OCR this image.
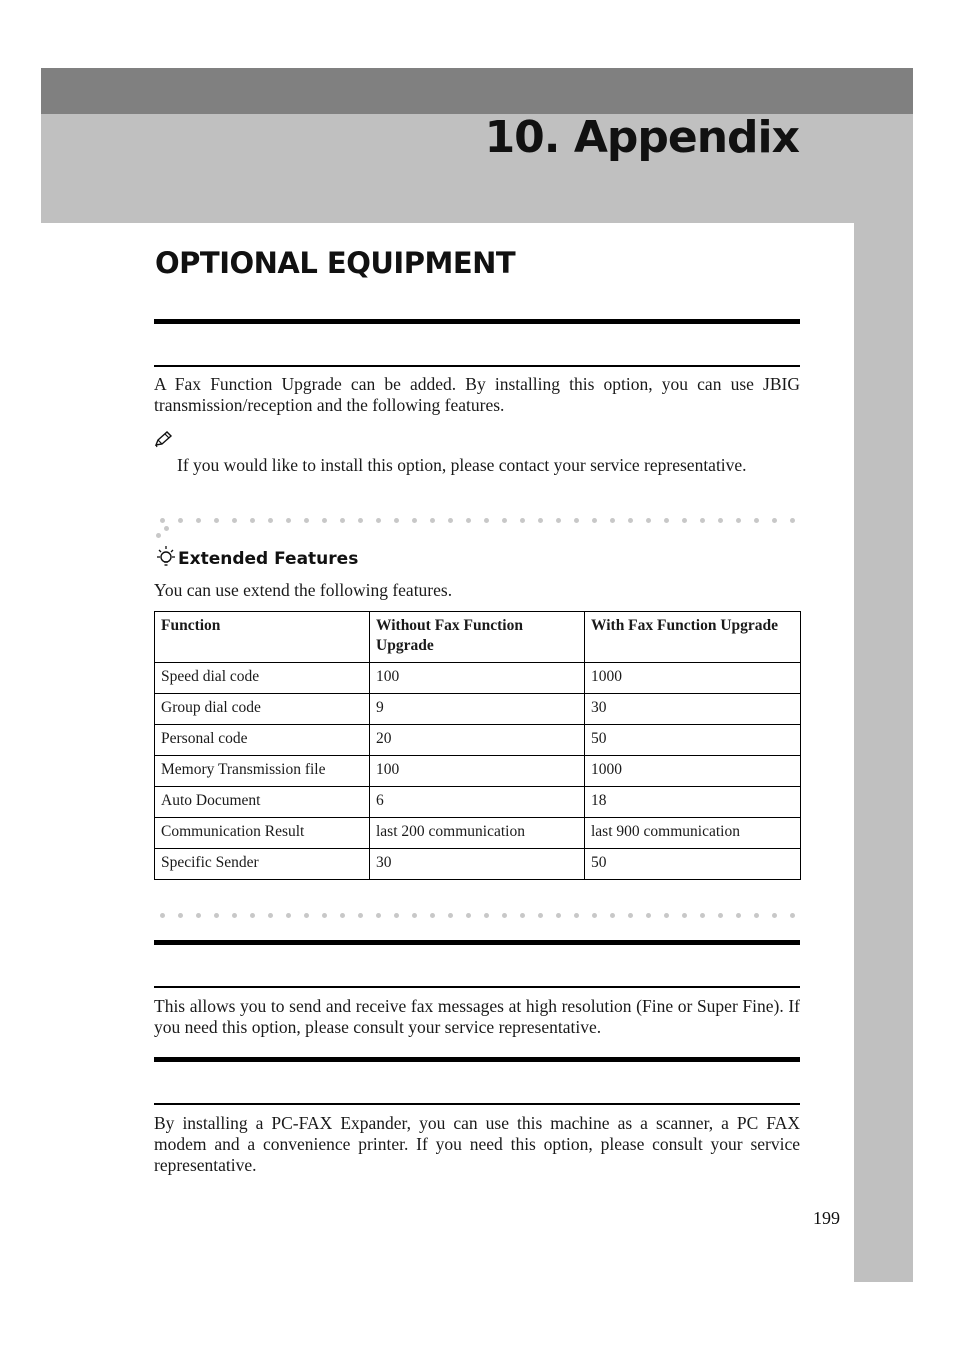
10. Appendix
OPTIONAL EQUIPMENT

A Fax Function Upgrade can be added. By installing this option, you can use JBIG transmission/reception and the following features.

If you would like to install this option, please contact your service representative.

Extended Features

You can use extend the following features.

Function	Without Fax Function Upgrade	With Fax Function Upgrade
Speed dial code	100	1000
Group dial code	9	30
Personal code	20	50
Memory Transmission file	100	1000
Auto Document	6	18
Communication Result	last 200 communication	last 900 communication
Specific Sender	30	50

This allows you to send and receive fax messages at high resolution (Fine or Super Fine). If you need this option, please consult your service representative.

By installing a PC-FAX Expander, you can use this machine as a scanner, a PC FAX modem and a convenience printer. If you need this option, please consult your service representative.

199
